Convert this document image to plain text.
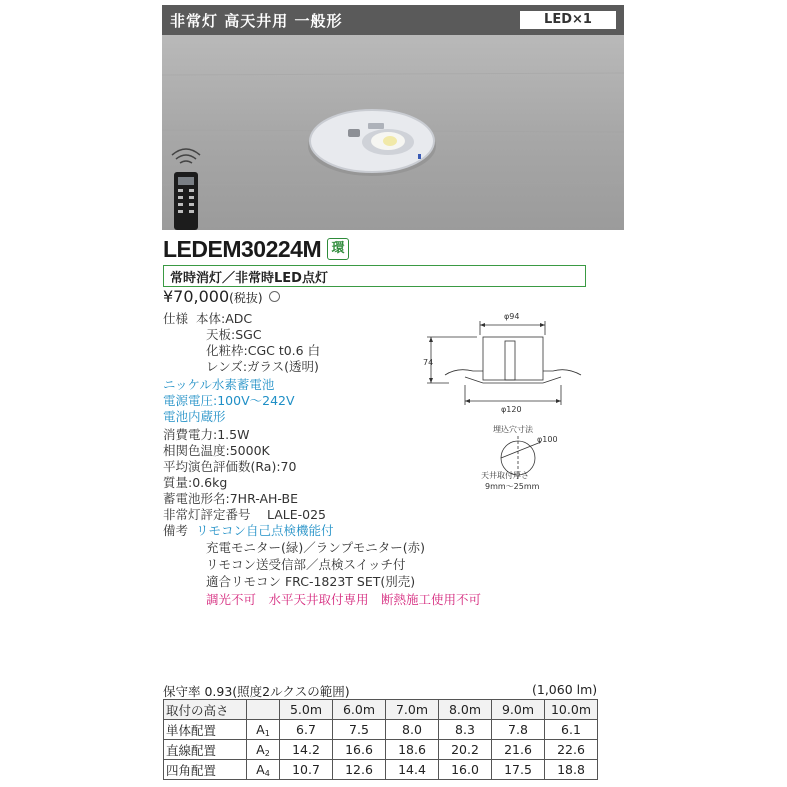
非常灯 高天井用 一般形	LED×1
LEDEM30224M 環
常時消灯／非常時LED点灯
¥70,000(税抜)
仕様 本体:ADC
天板:SGC
化粧枠:CGC t0.6 白
レンズ:ガラス(透明)
ニッケル水素蓄電池
電源電圧:100V〜242V
電池内蔵形
消費電力:1.5W
相関色温度:5000K
平均演色評価数(Ra):70
質量:0.6kg
蓄電池形名:7HR-AH-BE
非常灯評定番号　 LALE-025
備考 リモコン自己点検機能付
充電モニター(緑)／ランプモニター(赤)
リモコン送受信部／点検スイッチ付
適合リモコン FRC-1823T SET(別売)
調光不可　水平天井取付専用　断熱施工使用不可
φ94
74
φ120
埋込穴寸法
φ100
天井取付厚さ
9mm〜25mm
保守率 0.93(照度2ルクスの範囲)	(1,060 lm)
取付の高さ		5.0m	6.0m	7.0m	8.0m	9.0m	10.0m
単体配置	$A_1$	6.7	7.5	8.0	8.3	7.8	6.1
直線配置	$A_2$	14.2	16.6	18.6	20.2	21.6	22.6
四角配置	$A_4$	10.7	12.6	14.4	16.0	17.5	18.8
